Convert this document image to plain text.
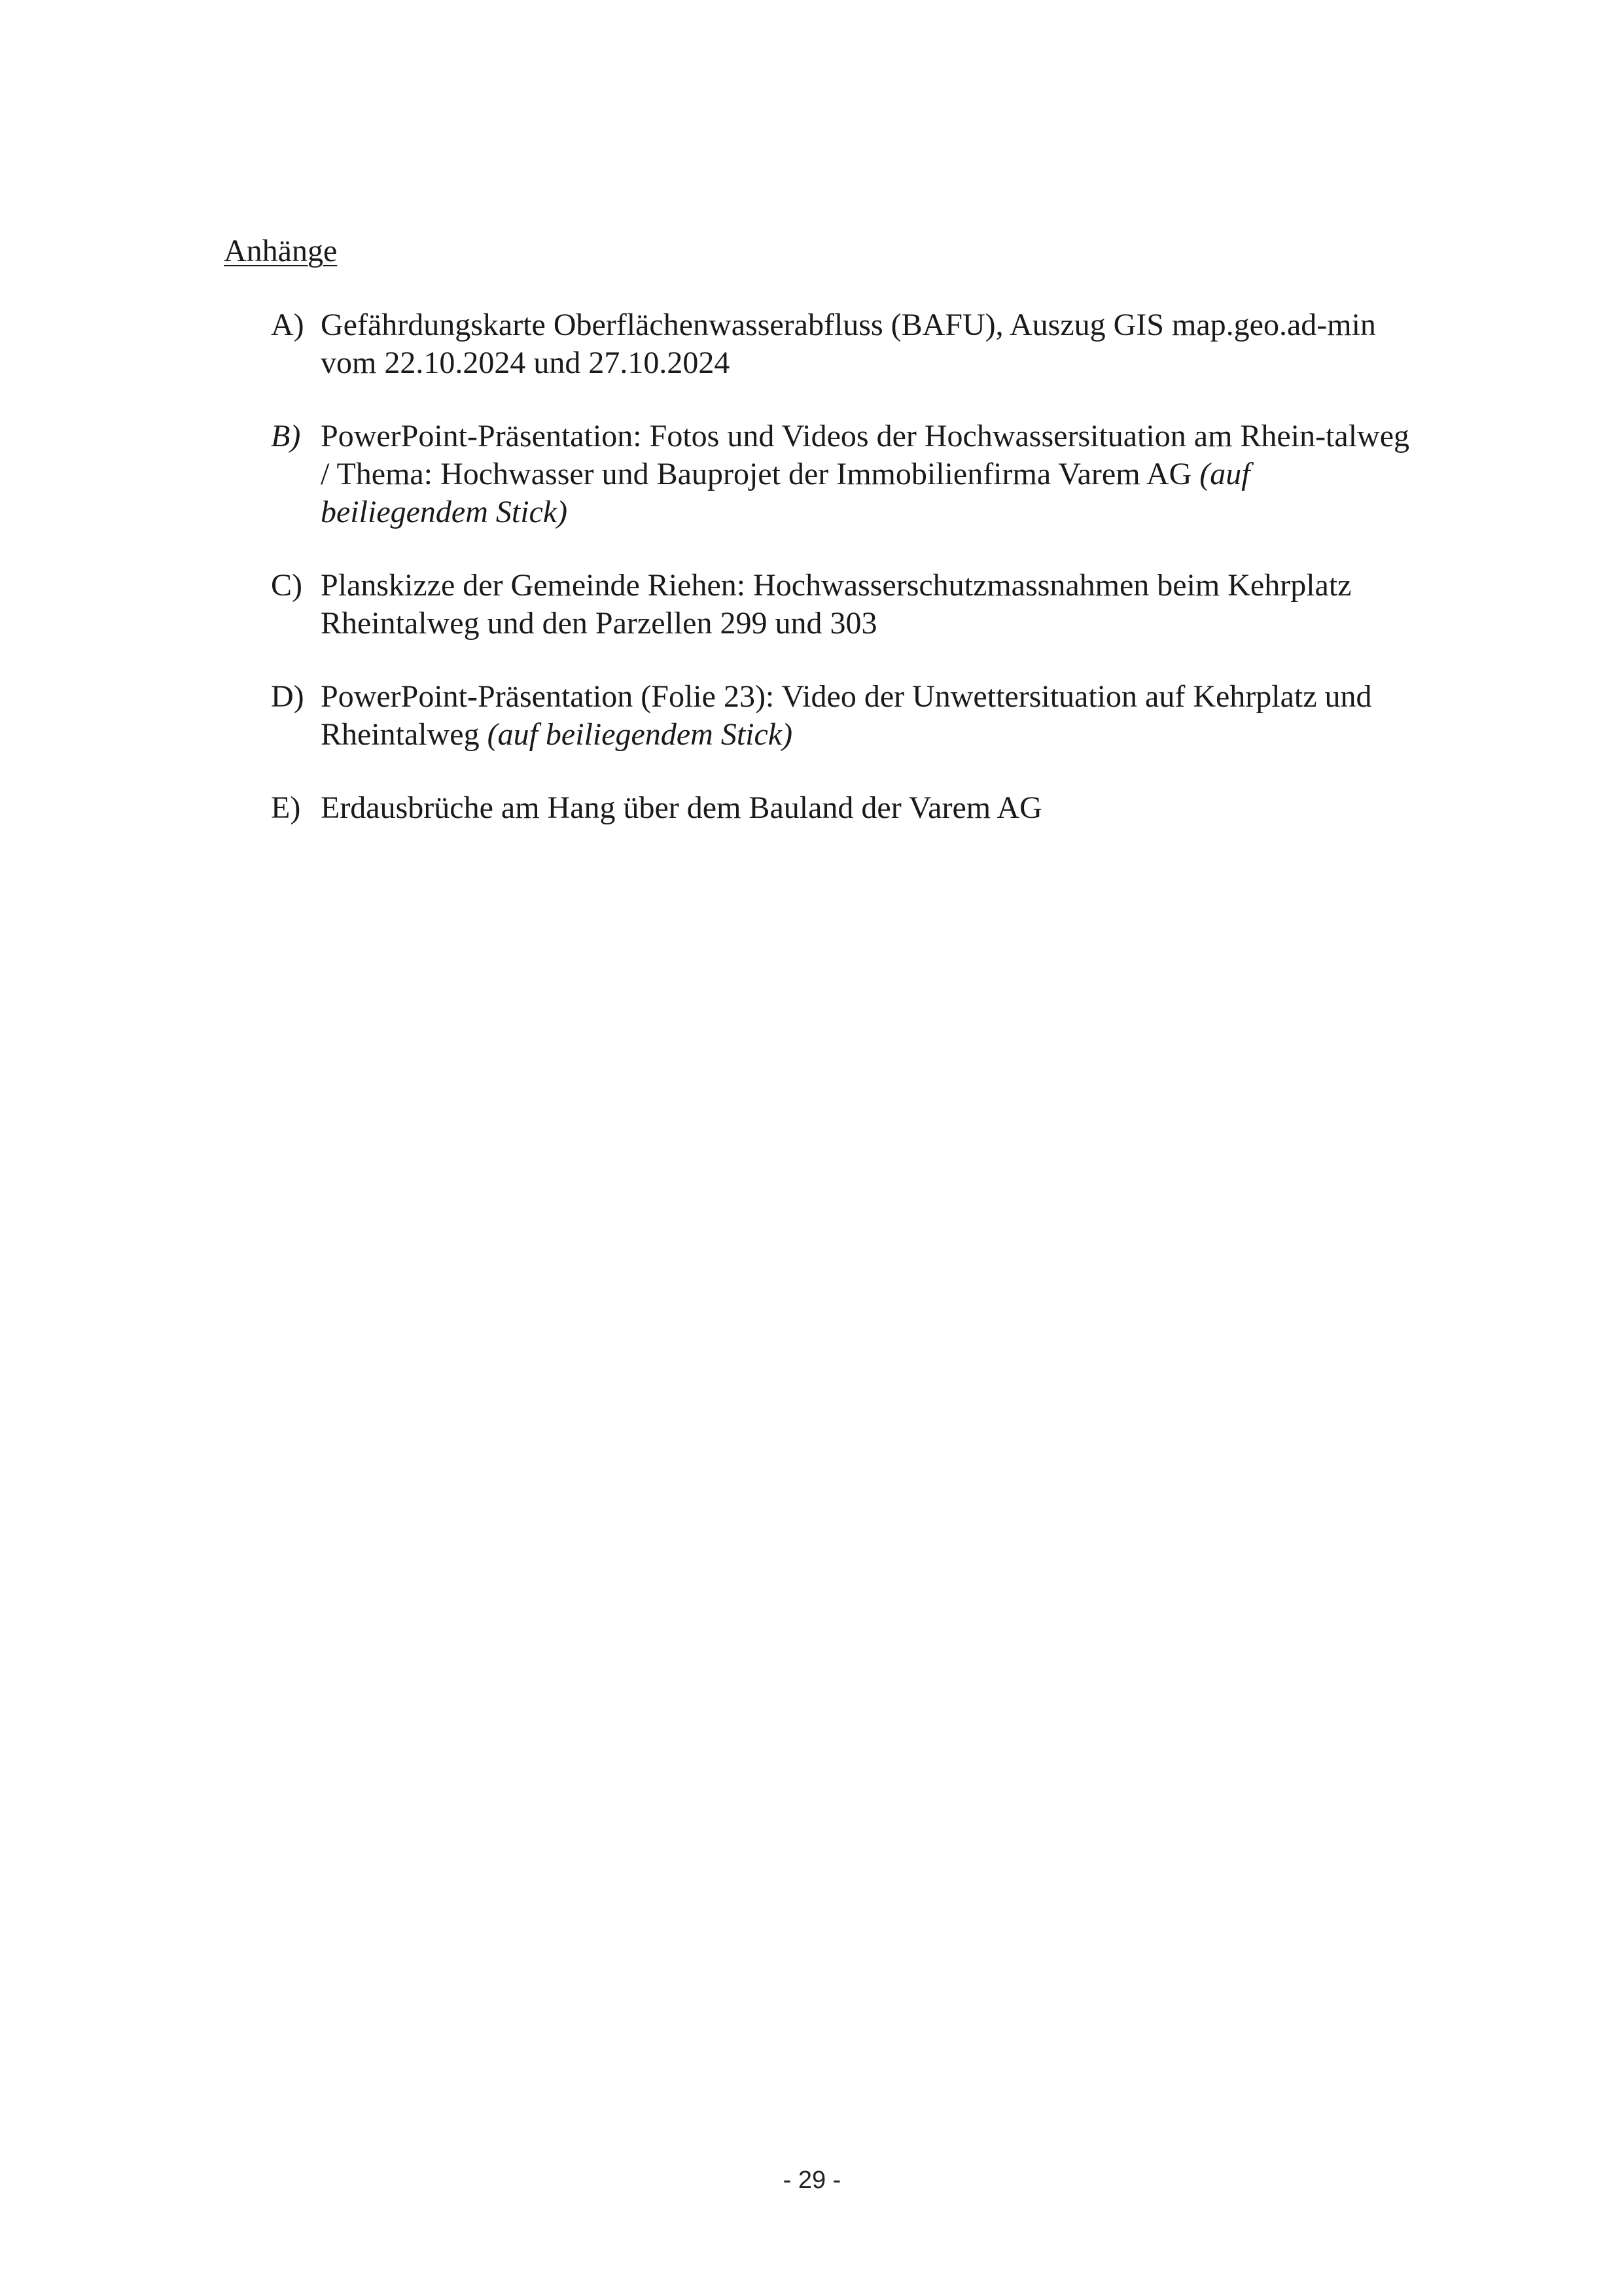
Anhänge
A) Gefährdungskarte Oberflächenwasserabfluss (BAFU), Auszug GIS map.geo.ad-min vom 22.10.2024 und 27.10.2024
B) PowerPoint-Präsentation: Fotos und Videos der Hochwassersituation am Rhein-talweg / Thema: Hochwasser und Bauprojet der Immobilienfirma Varem AG (auf beiliegendem Stick)
C) Planskizze der Gemeinde Riehen: Hochwasserschutzmassnahmen beim Kehrplatz Rheintalweg und den Parzellen 299 und 303
D) PowerPoint-Präsentation (Folie 23): Video der Unwettersituation auf Kehrplatz und Rheintalweg (auf beiliegendem Stick)
E) Erdausbrüche am Hang über dem Bauland der Varem AG
- 29 -
